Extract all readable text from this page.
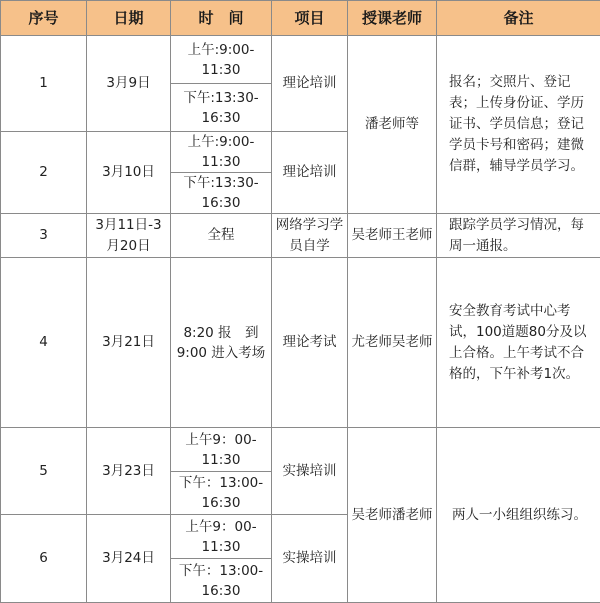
序号	日期	时　间	项目	授课老师	备注
1	3月9日	上午:9:00-11:30	理论培训	潘老师等	报名；交照片、登记表；上传身份证、学历证书、学员信息；登记学员卡号和密码；建微信群，辅导学员学习。
		下午:13:30-16:30			
2	3月10日	上午:9:00-11:30	理论培训		
		下午:13:30-16:30			
3	3月11日-3月20日	全程	网络学习学员自学	吴老师王老师	跟踪学员学习情况，每周一通报。
4	3月21日	8:20 报　到 9:00 进入考场	理论考试	尤老师吴老师	安全教育考试中心考试，100道题80分及以上合格。上午考试不合格的，下午补考1次。
5	3月23日	上午9：00-11:30	实操培训	吴老师潘老师	两人一小组组织练习。
		下午：13:00-16:30			
6	3月24日	上午9：00-11:30	实操培训		
		下午：13:00-16:30			
